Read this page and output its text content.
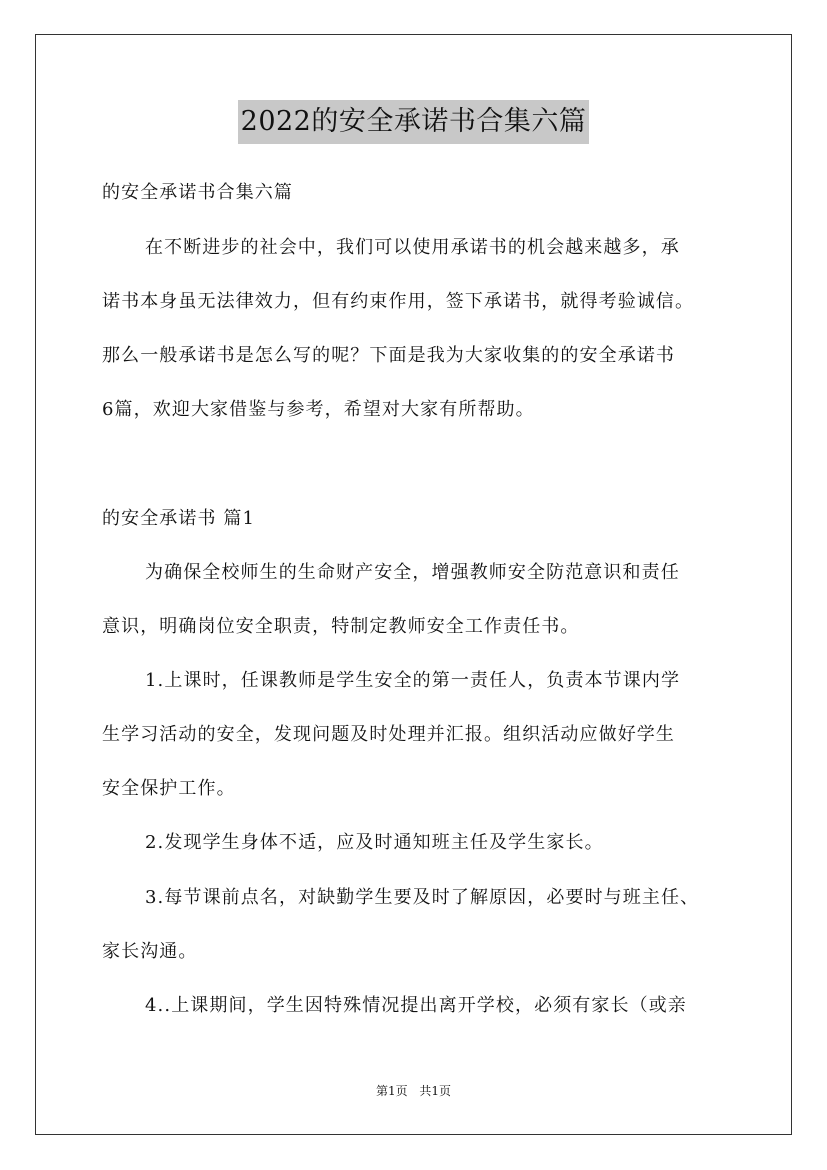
2022的安全承诺书合集六篇
的安全承诺书合集六篇
在不断进步的社会中，我们可以使用承诺书的机会越来越多，承
诺书本身虽无法律效力，但有约束作用，签下承诺书，就得考验诚信。
那么一般承诺书是怎么写的呢？下面是我为大家收集的的安全承诺书
6篇，欢迎大家借鉴与参考，希望对大家有所帮助。
的安全承诺书 篇1
为确保全校师生的生命财产安全，增强教师安全防范意识和责任
意识，明确岗位安全职责，特制定教师安全工作责任书。
1.上课时，任课教师是学生安全的第一责任人，负责本节课内学
生学习活动的安全，发现问题及时处理并汇报。组织活动应做好学生
安全保护工作。
2.发现学生身体不适，应及时通知班主任及学生家长。
3.每节课前点名，对缺勤学生要及时了解原因，必要时与班主任、
家长沟通。
4..上课期间，学生因特殊情况提出离开学校，必须有家长（或亲
第1页 共1页
